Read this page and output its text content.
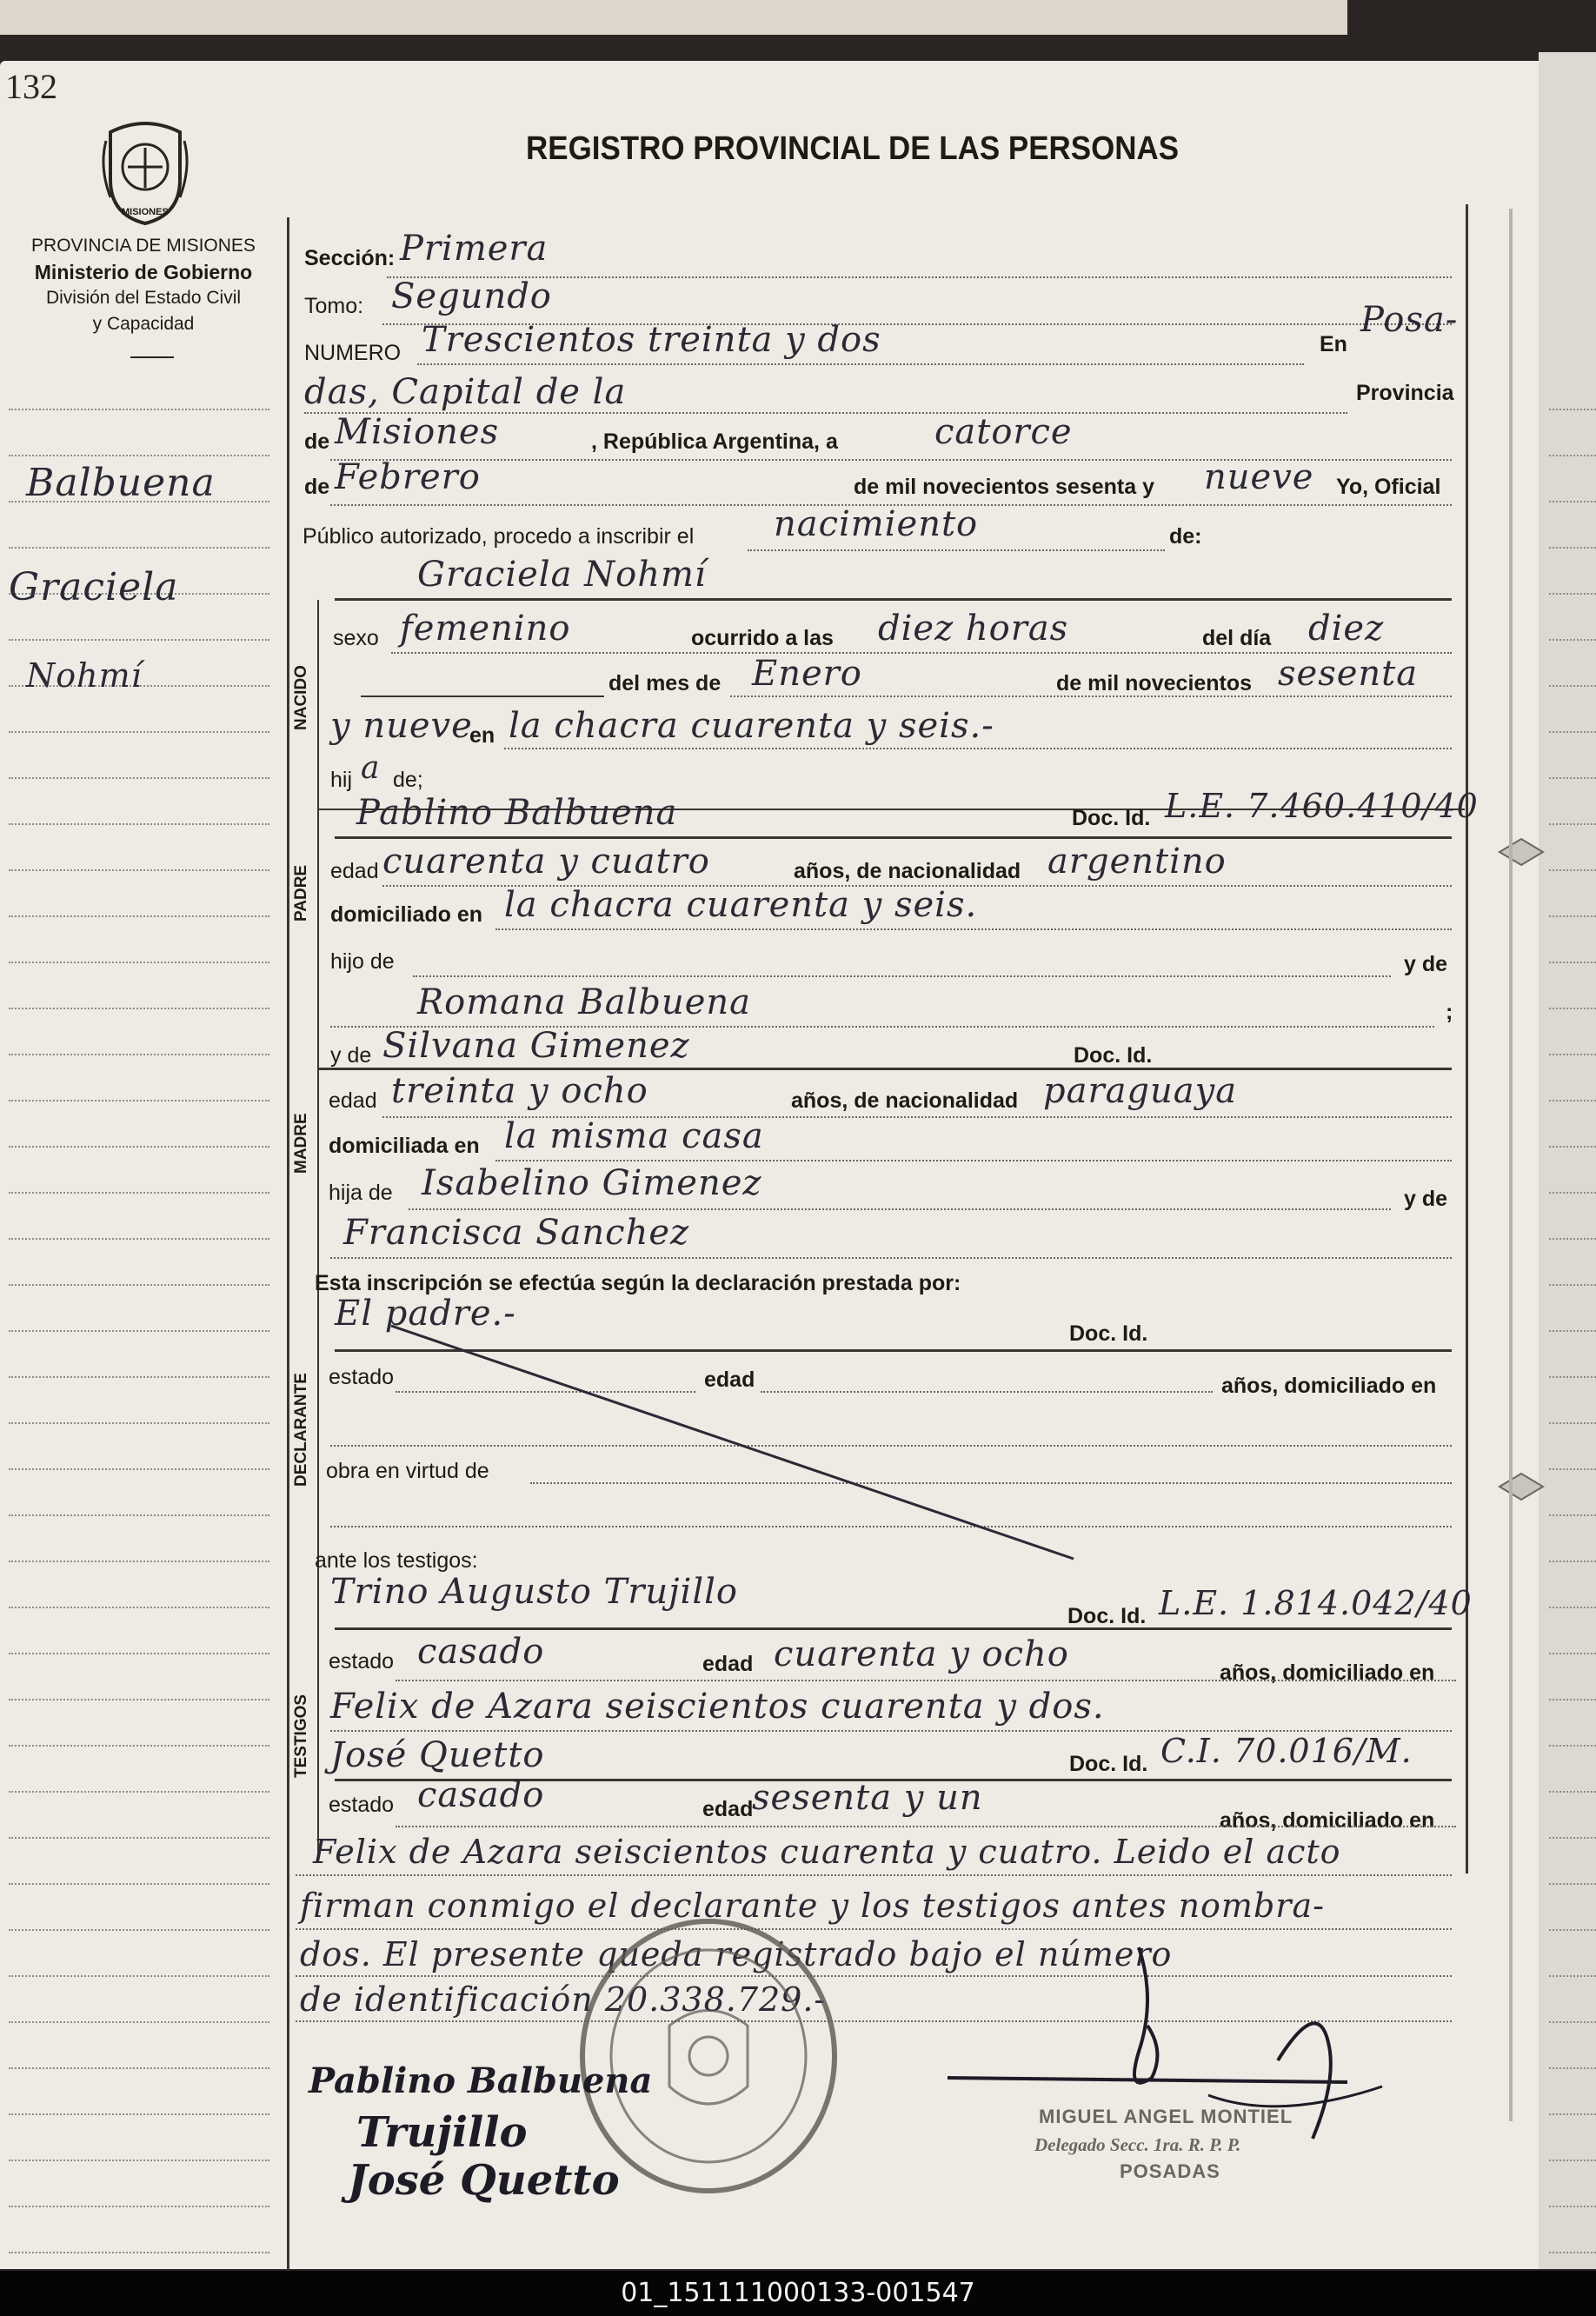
132
MISIONES
REGISTRO PROVINCIAL DE LAS PERSONAS
PROVINCIA DE MISIONES
Ministerio de Gobierno
División del Estado Civil
y Capacidad
Balbuena
Graciela
Nohmí
Sección: Primera
Tomo: Segundo
NUMERO Trescientos treinta y dos	En
Posa-
das, Capital de la	Provincia
de Misiones	, República Argentina, a	catorce
de Febrero	de mil novecientos sesenta y nueve Yo, Oficial
Público autorizado, procedo a inscribir el nacimiento	de:
NACIDO
Graciela Nohmí
sexo femenino	ocurrido a las diez horas	del día diez
del mes de Enero	de mil novecientos sesenta
y nueve
en la chacra cuarenta y seis.-
hij a de;
PADRE
Pablino Balbuena	Doc. Id. L.E. 7.460.410/40
edad cuarenta y cuatro	años, de nacionalidad argentino
domiciliado en la chacra cuarenta y seis.
hijo de	y de
Romana Balbuena	;
MADRE
y de Silvana Gimenez	Doc. Id.
edad treinta y ocho	años, de nacionalidad paraguaya
domiciliada en la misma casa
hija de Isabelino Gimenez	y de
Francisca Sanchez
Esta inscripción se efectúa según la declaración prestada por:
DECLARANTE
El padre.-	Doc. Id.
estado	edad	años, domiciliado en
obra en virtud de
ante los testigos:
TESTIGOS
Trino Augusto Trujillo
Doc. Id. L.E. 1.814.042/40
estado casado	edad cuarenta y ocho	años, domiciliado en
Felix de Azara seiscientos cuarenta y dos.
José Quetto	Doc. Id. C.I. 70.016/M.
estado casado	edad
sesenta y un
años, domiciliado en
Felix de Azara seiscientos cuarenta y cuatro. Leido el acto
firman conmigo el declarante y los testigos antes nombra-
dos. El presente queda registrado bajo el número
de identificación 20.338.729.-
Pablino Balbuena
Trujillo
José Quetto
MIGUEL ANGEL MONTIEL
Delegado Secc. 1ra. R. P. P.
POSADAS
01_151111000133-001547
